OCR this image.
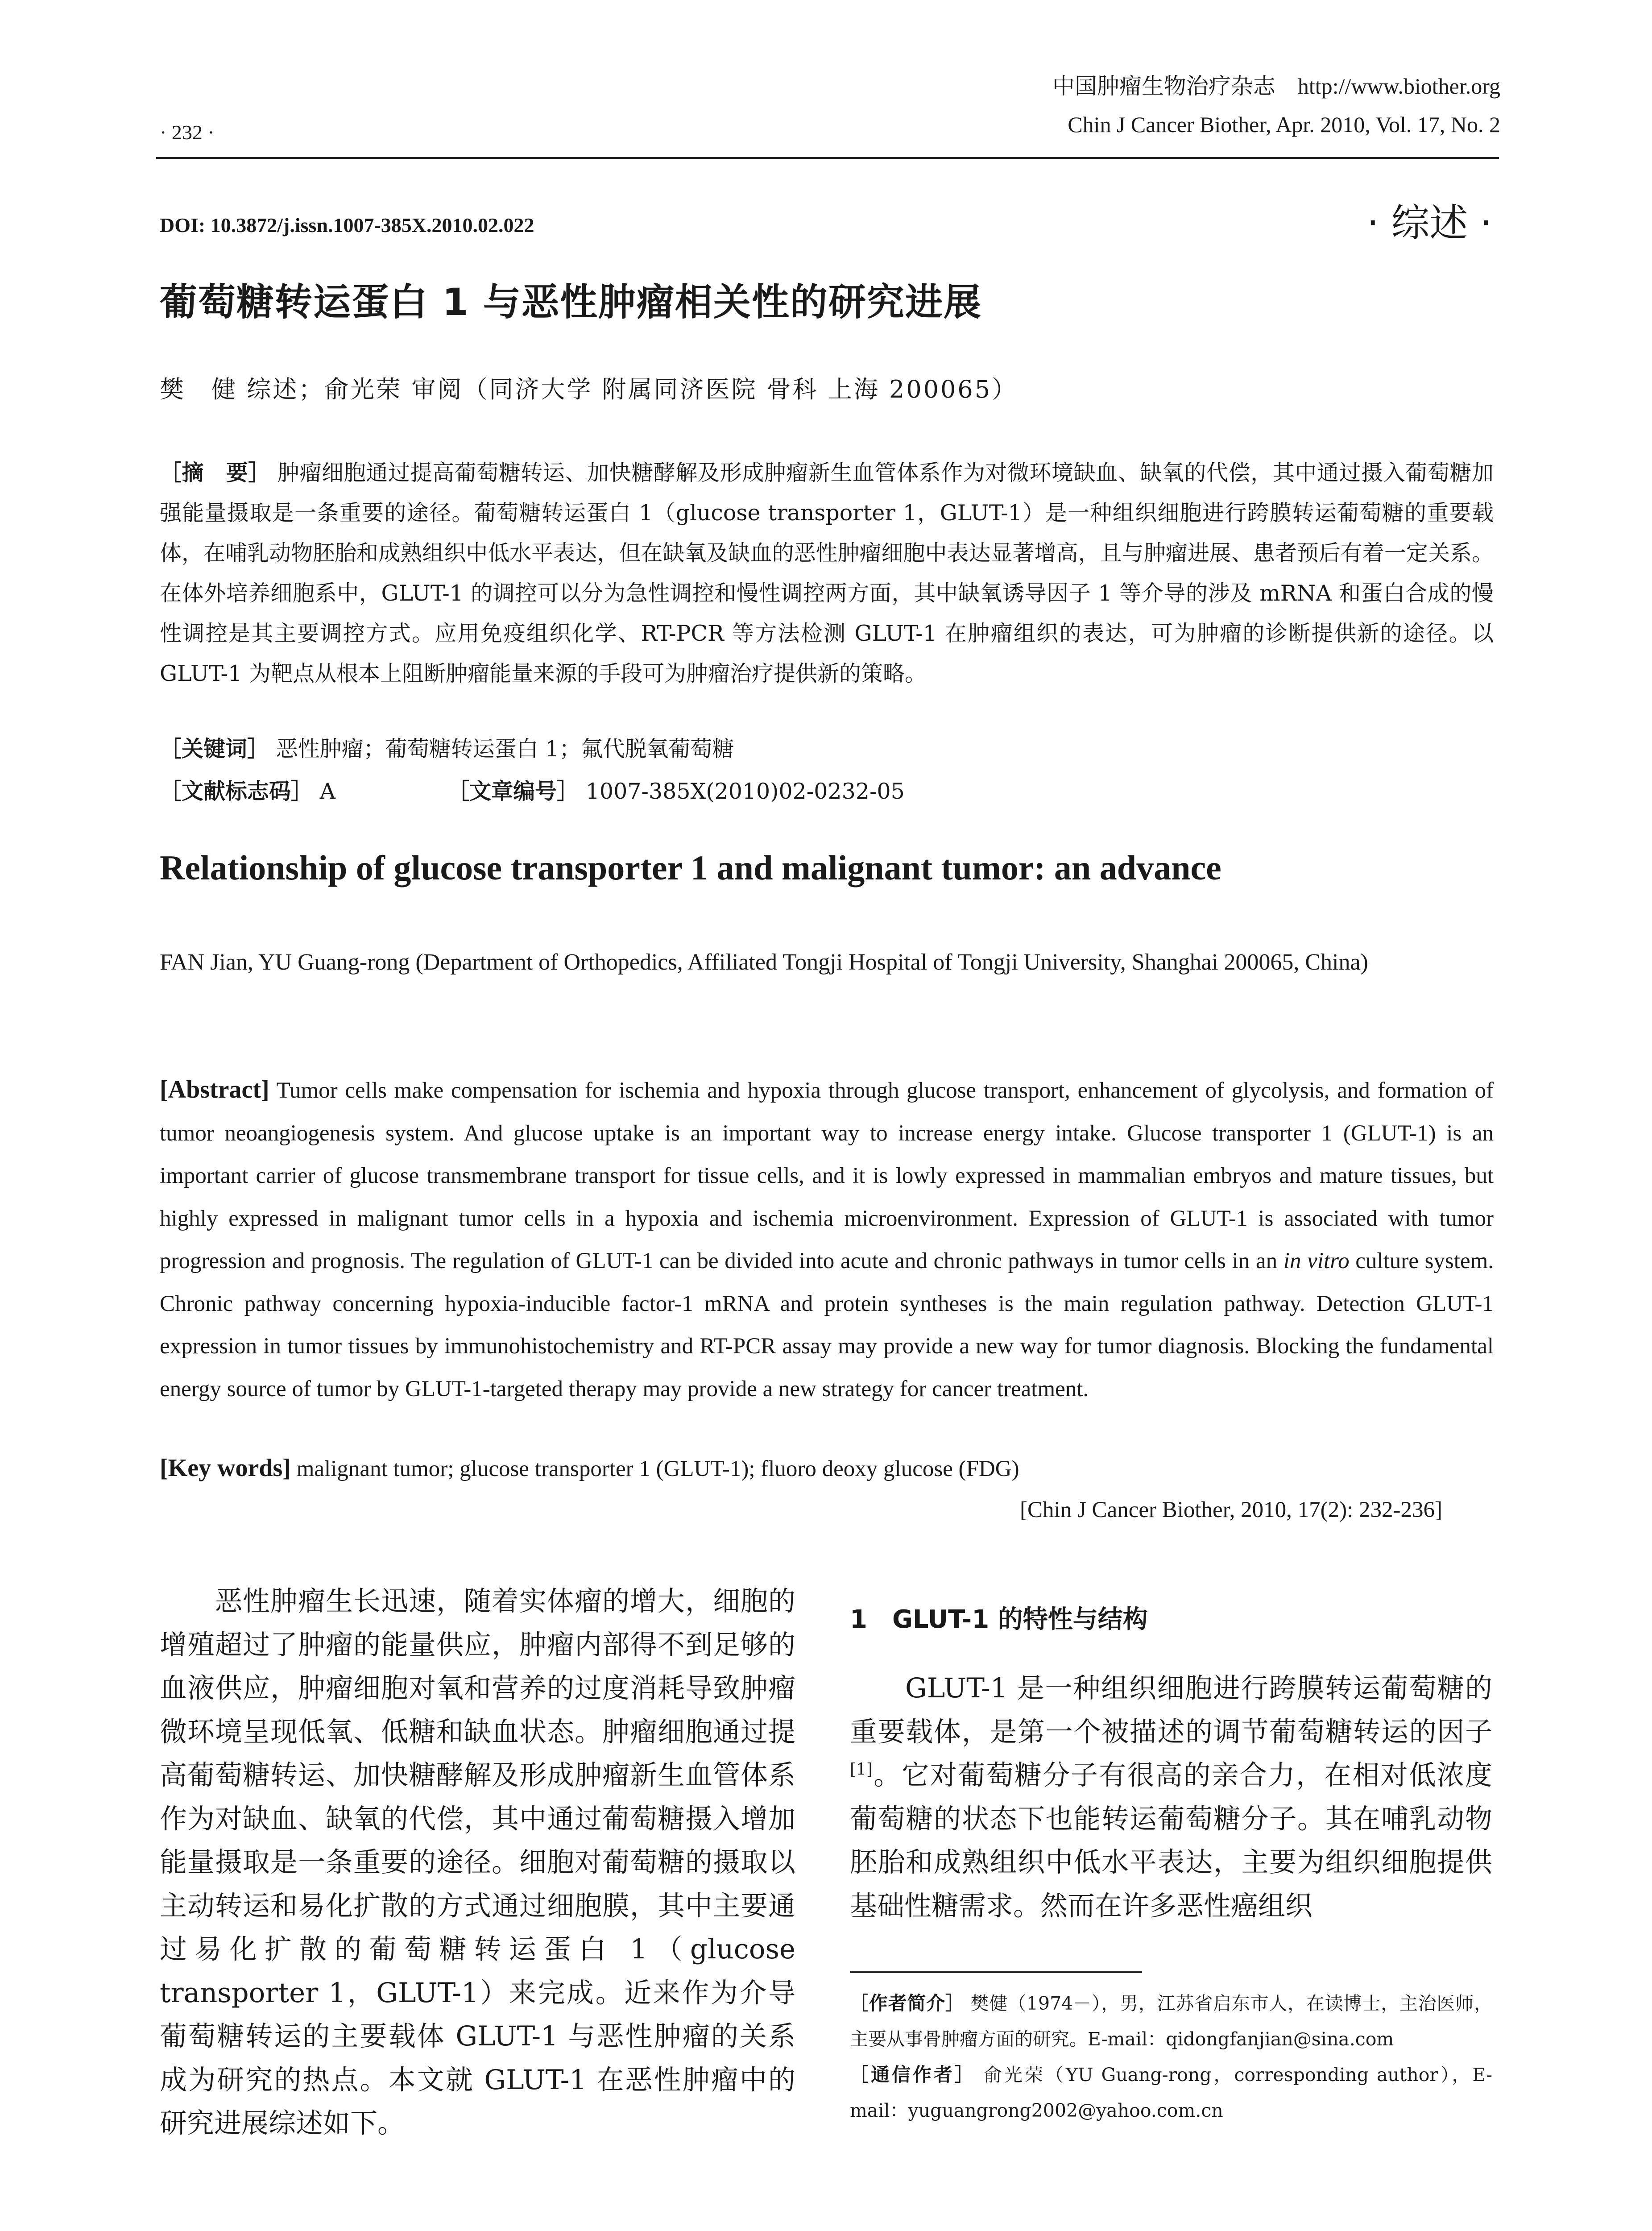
中国肿瘤生物治疗杂志　http://www.biother.org
Chin J Cancer Biother, Apr. 2010, Vol. 17, No. 2
· 232 ·
DOI: 10.3872/j.issn.1007-385X.2010.02.022	· 综述 ·
葡萄糖转运蛋白 1 与恶性肿瘤相关性的研究进展
樊　健 综述；俞光荣 审阅（同济大学 附属同济医院 骨科 上海 200065）
［摘　要］ 肿瘤细胞通过提高葡萄糖转运、加快糖酵解及形成肿瘤新生血管体系作为对微环境缺血、缺氧的代偿，其中通过摄入葡萄糖加强能量摄取是一条重要的途径。葡萄糖转运蛋白 1（glucose transporter 1，GLUT-1）是一种组织细胞进行跨膜转运葡萄糖的重要载体，在哺乳动物胚胎和成熟组织中低水平表达，但在缺氧及缺血的恶性肿瘤细胞中表达显著增高，且与肿瘤进展、患者预后有着一定关系。在体外培养细胞系中，GLUT-1 的调控可以分为急性调控和慢性调控两方面，其中缺氧诱导因子 1 等介导的涉及 mRNA 和蛋白合成的慢性调控是其主要调控方式。应用免疫组织化学、RT-PCR 等方法检测 GLUT-1 在肿瘤组织的表达，可为肿瘤的诊断提供新的途径。以 GLUT-1 为靶点从根本上阻断肿瘤能量来源的手段可为肿瘤治疗提供新的策略。
［关键词］ 恶性肿瘤；葡萄糖转运蛋白 1；氟代脱氧葡萄糖
［文献标志码］ A	［文章编号］ 1007-385X(2010)02-0232-05
Relationship of glucose transporter 1 and malignant tumor: an advance
FAN Jian, YU Guang-rong (Department of Orthopedics, Affiliated Tongji Hospital of Tongji University, Shanghai 200065, China)
[Abstract] Tumor cells make compensation for ischemia and hypoxia through glucose transport, enhancement of glycolysis, and formation of tumor neoangiogenesis system. And glucose uptake is an important way to increase energy intake. Glucose transporter 1 (GLUT-1) is an important carrier of glucose transmembrane transport for tissue cells, and it is lowly expressed in mammalian embryos and mature tissues, but highly expressed in malignant tumor cells in a hypoxia and ischemia microenvironment. Expression of GLUT-1 is associated with tumor progression and prognosis. The regulation of GLUT-1 can be divided into acute and chronic pathways in tumor cells in an in vitro culture system. Chronic pathway concerning hypoxia-inducible factor-1 mRNA and protein syntheses is the main regulation pathway. Detection GLUT-1 expression in tumor tissues by immunohistochemistry and RT-PCR assay may provide a new way for tumor diagnosis. Blocking the fundamental energy source of tumor by GLUT-1-targeted therapy may provide a new strategy for cancer treatment.
[Key words] malignant tumor; glucose transporter 1 (GLUT-1); fluoro deoxy glucose (FDG)
[Chin J Cancer Biother, 2010, 17(2): 232-236]
恶性肿瘤生长迅速，随着实体瘤的增大，细胞的增殖超过了肿瘤的能量供应，肿瘤内部得不到足够的血液供应，肿瘤细胞对氧和营养的过度消耗导致肿瘤微环境呈现低氧、低糖和缺血状态。肿瘤细胞通过提高葡萄糖转运、加快糖酵解及形成肿瘤新生血管体系作为对缺血、缺氧的代偿，其中通过葡萄糖摄入增加能量摄取是一条重要的途径。细胞对葡萄糖的摄取以主动转运和易化扩散的方式通过细胞膜，其中主要通过易化扩散的葡萄糖转运蛋白 1（glucose transporter 1，GLUT-1）来完成。近来作为介导葡萄糖转运的主要载体 GLUT-1 与恶性肿瘤的关系成为研究的热点。本文就 GLUT-1 在恶性肿瘤中的研究进展综述如下。
1　GLUT-1 的特性与结构
GLUT-1 是一种组织细胞进行跨膜转运葡萄糖的重要载体，是第一个被描述的调节葡萄糖转运的因子[1]。它对葡萄糖分子有很高的亲合力，在相对低浓度葡萄糖的状态下也能转运葡萄糖分子。其在哺乳动物胚胎和成熟组织中低水平表达，主要为组织细胞提供基础性糖需求。然而在许多恶性癌组织
［作者简介］ 樊健（1974－），男，江苏省启东市人，在读博士，主治医师，主要从事骨肿瘤方面的研究。E-mail：qidongfanjian@sina.com
［通信作者］ 俞光荣（YU Guang-rong，corresponding author），E-mail：yuguangrong2002@yahoo.com.cn
